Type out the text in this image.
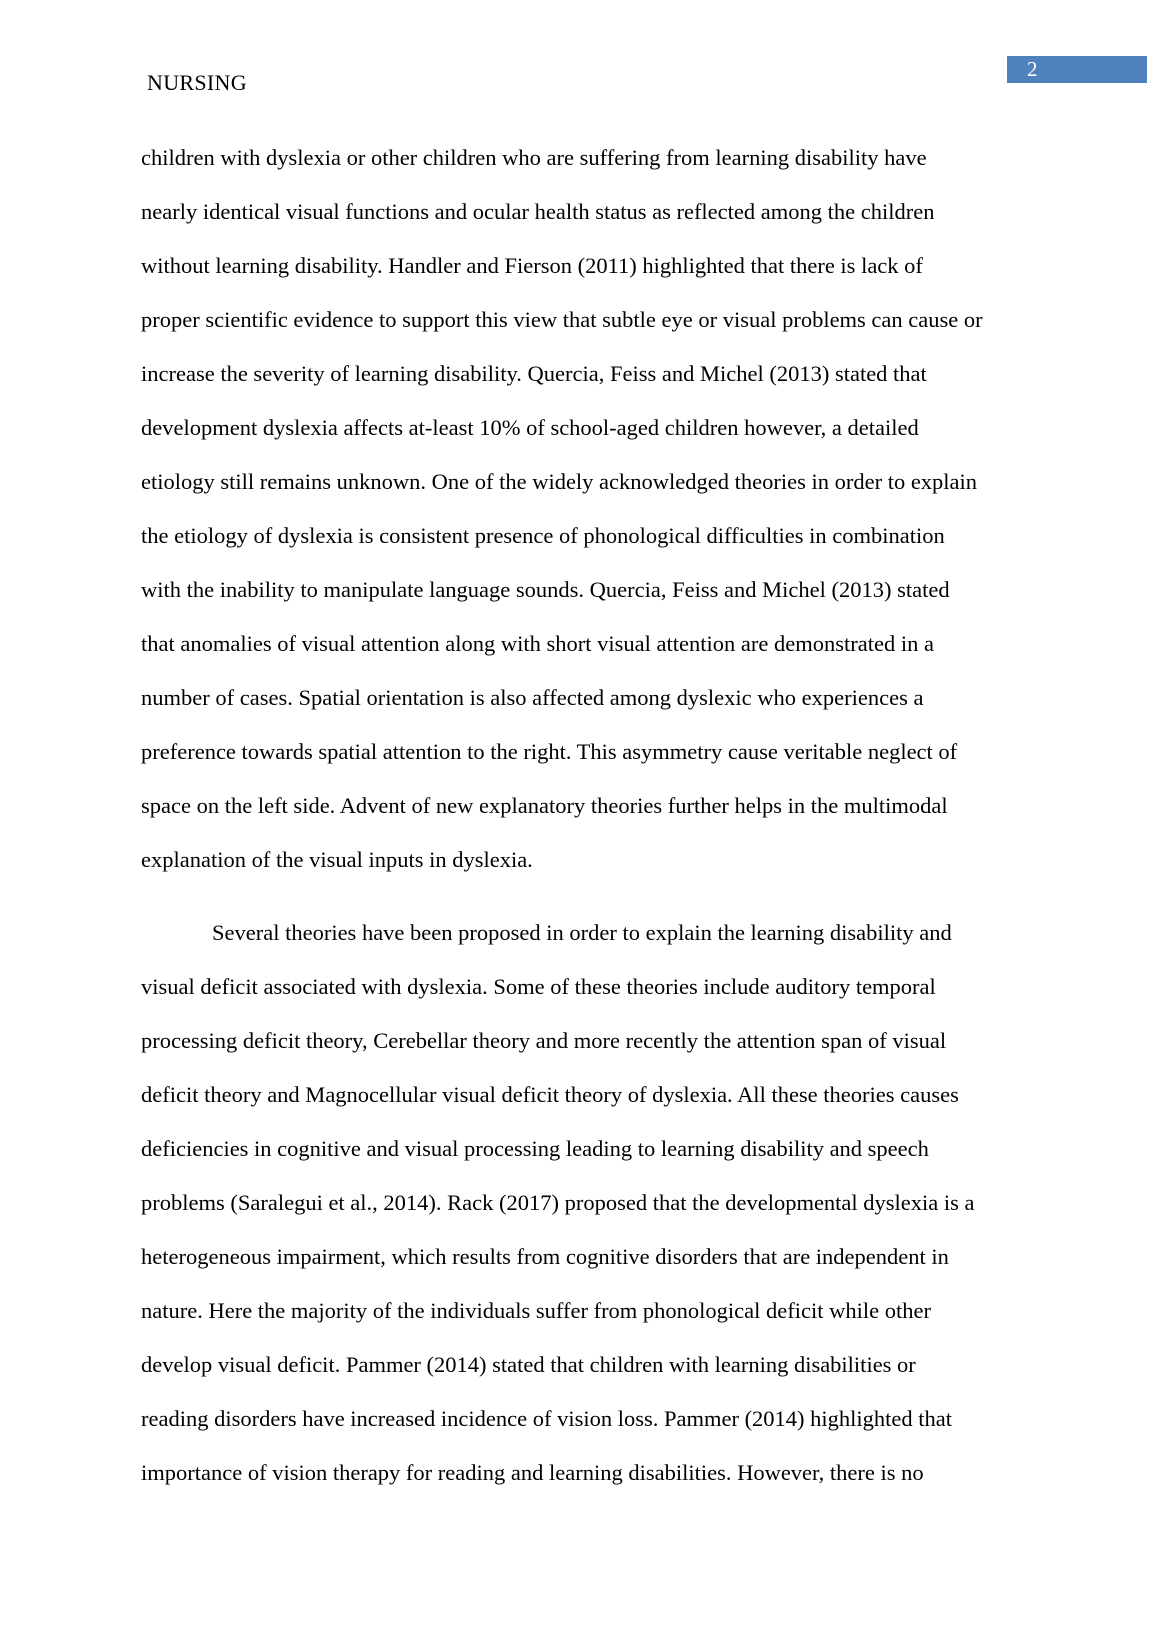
NURSING
2
children with dyslexia or other children who are suffering from learning disability have
nearly identical visual functions and ocular health status as reflected among the children
without learning disability. Handler and Fierson (2011) highlighted that there is lack of
proper scientific evidence to support this view that subtle eye or visual problems can cause or
increase the severity of learning disability. Quercia, Feiss and Michel (2013) stated that
development dyslexia affects at-least 10% of school-aged children however, a detailed
etiology still remains unknown. One of the widely acknowledged theories in order to explain
the etiology of dyslexia is consistent presence of phonological difficulties in combination
with the inability to manipulate language sounds. Quercia, Feiss and Michel (2013) stated
that anomalies of visual attention along with short visual attention are demonstrated in a
number of cases. Spatial orientation is also affected among dyslexic who experiences a
preference towards spatial attention to the right. This asymmetry cause veritable neglect of
space on the left side. Advent of new explanatory theories further helps in the multimodal
explanation of the visual inputs in dyslexia.
Several theories have been proposed in order to explain the learning disability and
visual deficit associated with dyslexia. Some of these theories include auditory temporal
processing deficit theory, Cerebellar theory and more recently the attention span of visual
deficit theory and Magnocellular visual deficit theory of dyslexia. All these theories causes
deficiencies in cognitive and visual processing leading to learning disability and speech
problems (Saralegui et al., 2014). Rack (2017) proposed that the developmental dyslexia is a
heterogeneous impairment, which results from cognitive disorders that are independent in
nature. Here the majority of the individuals suffer from phonological deficit while other
develop visual deficit. Pammer (2014) stated that children with learning disabilities or
reading disorders have increased incidence of vision loss. Pammer (2014) highlighted that
importance of vision therapy for reading and learning disabilities. However, there is no
